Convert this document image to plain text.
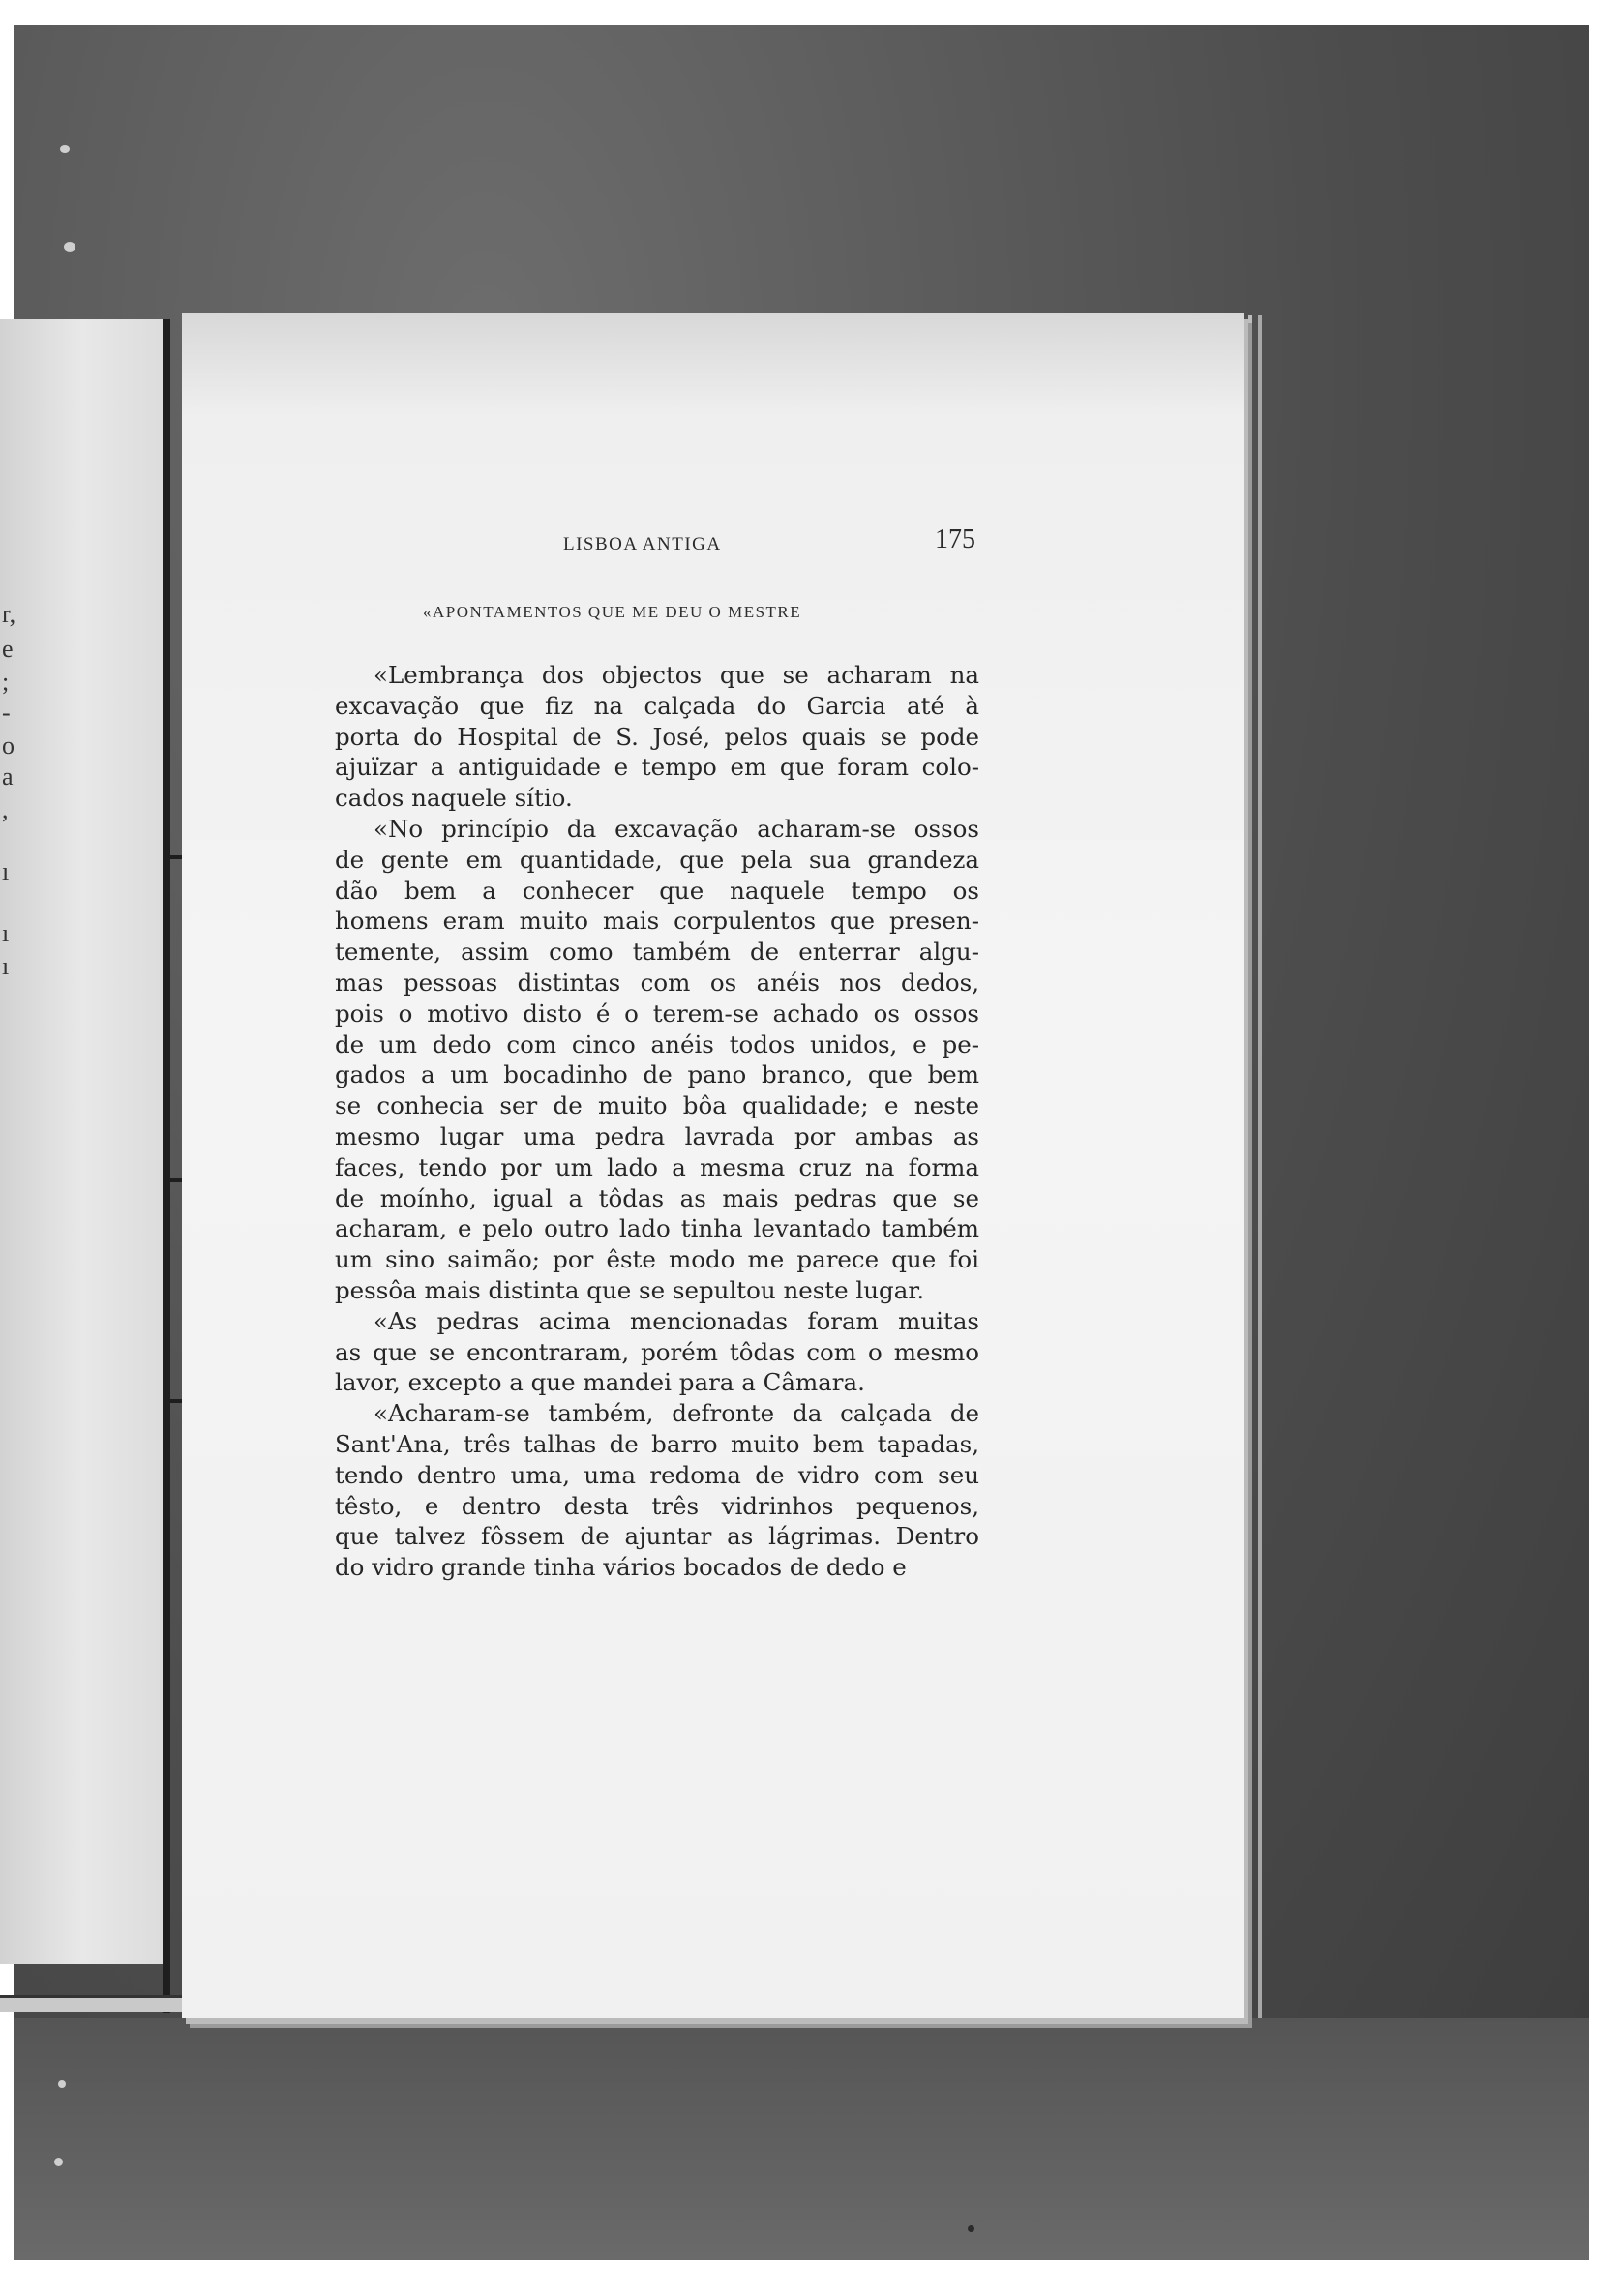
r,
e
;
-
o
a
,
ı
ı
ı
LISBOA ANTIGA	175
«APONTAMENTOS QUE ME DEU O MESTRE

«Lembrança dos objectos que se acharam na
excavação que fiz na calçada do Garcia até à
porta do Hospital de S. José, pelos quais se pode
ajuïzar a antiguidade e tempo em que foram colo-
cados naquele sítio.

«No princípio da excavação acharam-se ossos
de gente em quantidade, que pela sua grandeza
dão bem a conhecer que naquele tempo os
homens eram muito mais corpulentos que presen-
temente, assim como também de enterrar algu-
mas pessoas distintas com os anéis nos dedos,
pois o motivo disto é o terem-se achado os ossos
de um dedo com cinco anéis todos unidos, e pe-
gados a um bocadinho de pano branco, que bem
se conhecia ser de muito bôa qualidade; e neste
mesmo lugar uma pedra lavrada por ambas as
faces, tendo por um lado a mesma cruz na forma
de moínho, igual a tôdas as mais pedras que se
acharam, e pelo outro lado tinha levantado também
um sino saimão; por êste modo me parece que foi
pessôa mais distinta que se sepultou neste lugar.

«As pedras acima mencionadas foram muitas
as que se encontraram, porém tôdas com o mesmo
lavor, excepto a que mandei para a Câmara.

«Acharam-se também, defronte da calçada de
Sant'Ana, três talhas de barro muito bem tapadas,
tendo dentro uma, uma redoma de vidro com seu
têsto, e dentro desta três vidrinhos pequenos,
que talvez fôssem de ajuntar as lágrimas. Dentro
do vidro grande tinha vários bocados de dedo e
